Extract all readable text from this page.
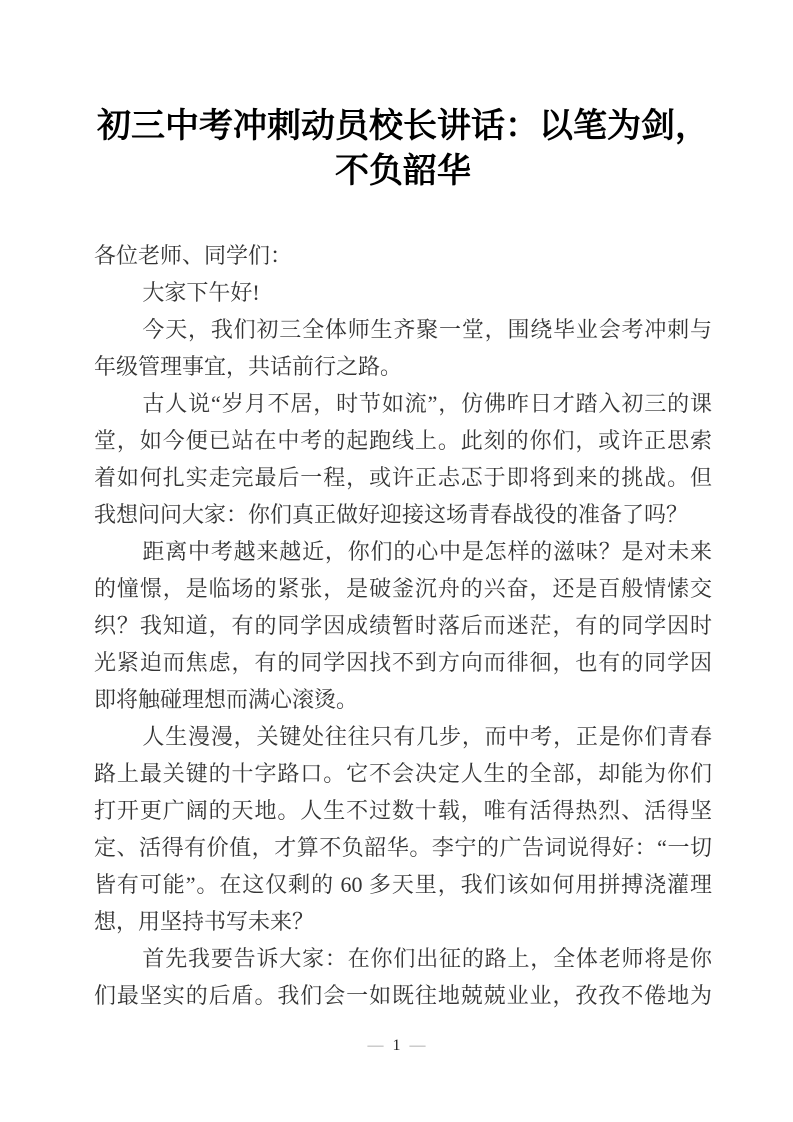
初三中考冲刺动员校长讲话：以笔为剑，
不负韶华
各位老师、同学们：
大家下午好!
今天，我们初三全体师生齐聚一堂，围绕毕业会考冲刺与
年级管理事宜，共话前行之路。
古人说“岁月不居，时节如流”，仿佛昨日才踏入初三的课
堂，如今便已站在中考的起跑线上。此刻的你们，或许正思索
着如何扎实走完最后一程，或许正忐忑于即将到来的挑战。但
我想问问大家：你们真正做好迎接这场青春战役的准备了吗？
距离中考越来越近，你们的心中是怎样的滋味？是对未来
的憧憬，是临场的紧张，是破釜沉舟的兴奋，还是百般情愫交
织？我知道，有的同学因成绩暂时落后而迷茫，有的同学因时
光紧迫而焦虑，有的同学因找不到方向而徘徊，也有的同学因
即将触碰理想而满心滚烫。
人生漫漫，关键处往往只有几步，而中考，正是你们青春
路上最关键的十字路口。它不会决定人生的全部，却能为你们
打开更广阔的天地。人生不过数十载，唯有活得热烈、活得坚
定、活得有价值，才算不负韶华。李宁的广告词说得好：“一切
皆有可能”。在这仅剩的 60 多天里，我们该如何用拼搏浇灌理
想，用坚持书写未来？
首先我要告诉大家：在你们出征的路上，全体老师将是你
们最坚实的后盾。我们会一如既往地兢兢业业，孜孜不倦地为
— 1 —
